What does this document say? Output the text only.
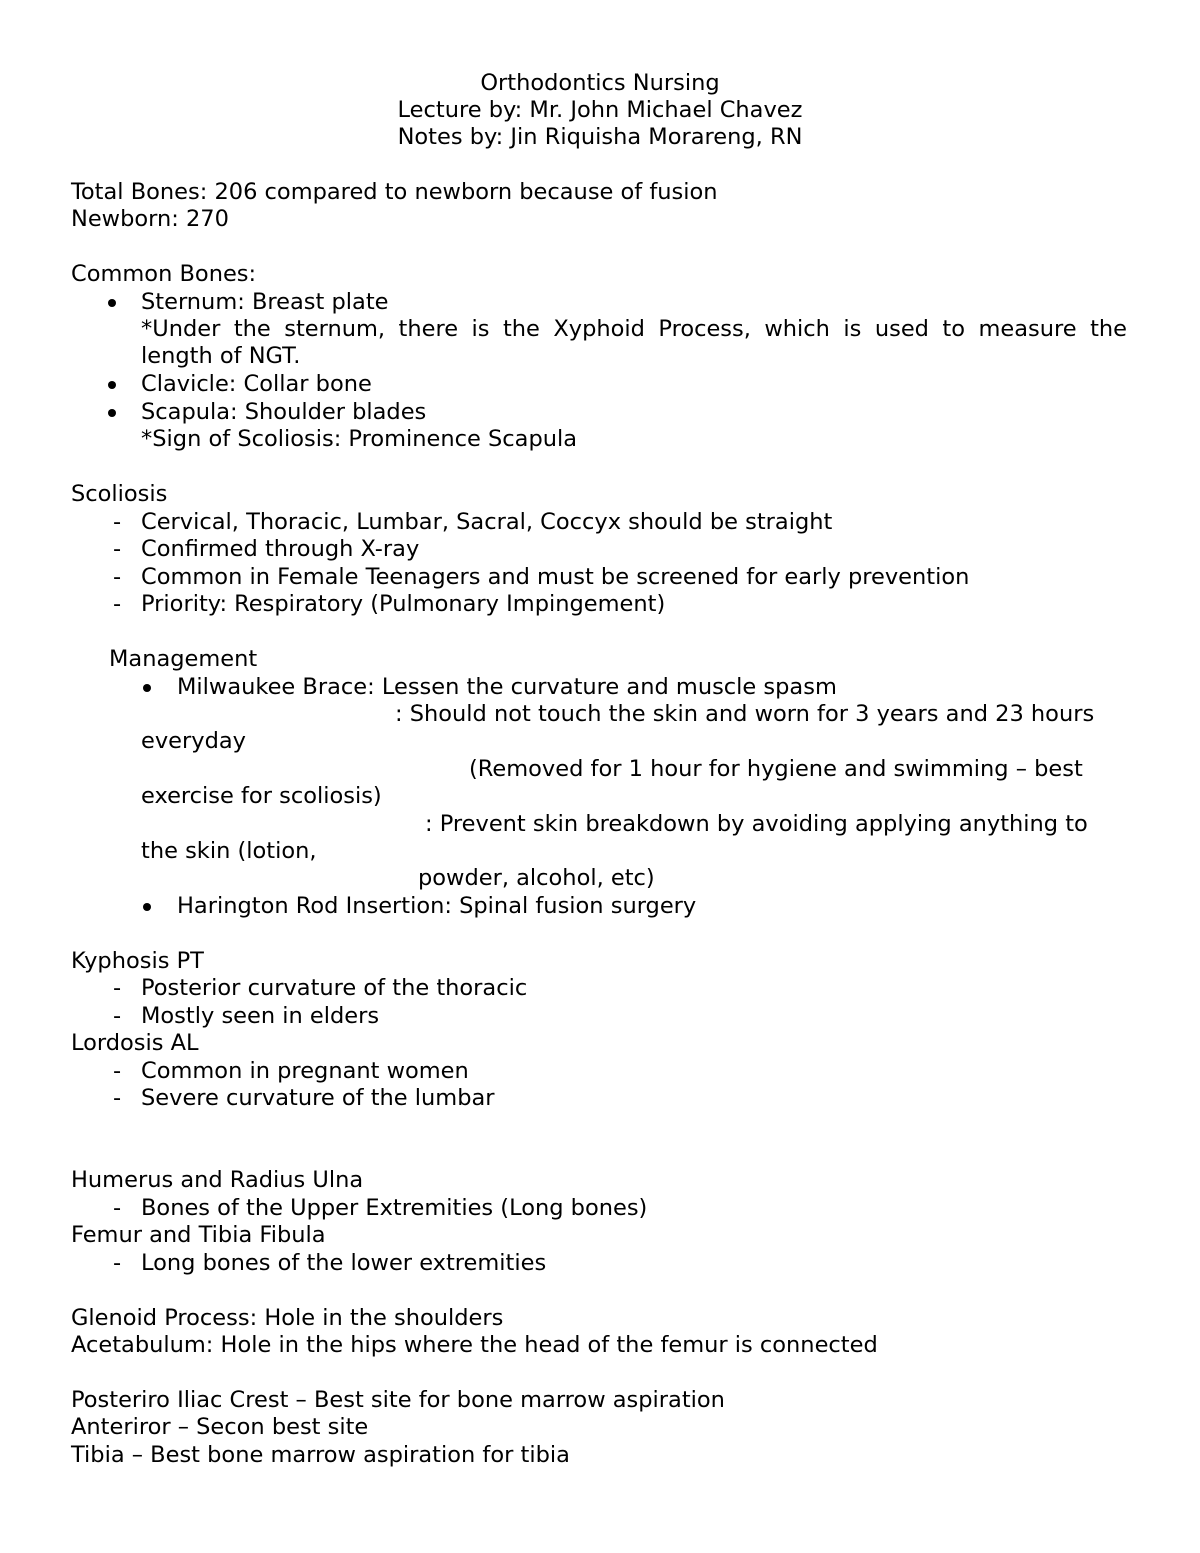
Orthodontics Nursing
Lecture by: Mr. John Michael Chavez
Notes by: Jin Riquisha Morareng, RN
Total Bones: 206 compared to newborn because of fusion
Newborn: 270
Common Bones:
Sternum: Breast plate
*Under the sternum, there is the Xyphoid Process, which is used to measure the
length of NGT.
Clavicle: Collar bone
Scapula: Shoulder blades
*Sign of Scoliosis: Prominence Scapula
Scoliosis
- Cervical, Thoracic, Lumbar, Sacral, Coccyx should be straight
- Confirmed through X-ray
- Common in Female Teenagers and must be screened for early prevention
- Priority: Respiratory (Pulmonary Impingement)
Management
Milwaukee Brace: Lessen the curvature and muscle spasm
: Should not touch the skin and worn for 3 years and 23 hours
everyday
(Removed for 1 hour for hygiene and swimming – best
exercise for scoliosis)
: Prevent skin breakdown by avoiding applying anything to
the skin (lotion,
powder, alcohol, etc)
Harington Rod Insertion: Spinal fusion surgery
Kyphosis PT
- Posterior curvature of the thoracic
- Mostly seen in elders
Lordosis AL
- Common in pregnant women
- Severe curvature of the lumbar
Humerus and Radius Ulna
- Bones of the Upper Extremities (Long bones)
Femur and Tibia Fibula
- Long bones of the lower extremities
Glenoid Process: Hole in the shoulders
Acetabulum: Hole in the hips where the head of the femur is connected
Posteriro Iliac Crest – Best site for bone marrow aspiration
Anteriror – Secon best site
Tibia – Best bone marrow aspiration for tibia
